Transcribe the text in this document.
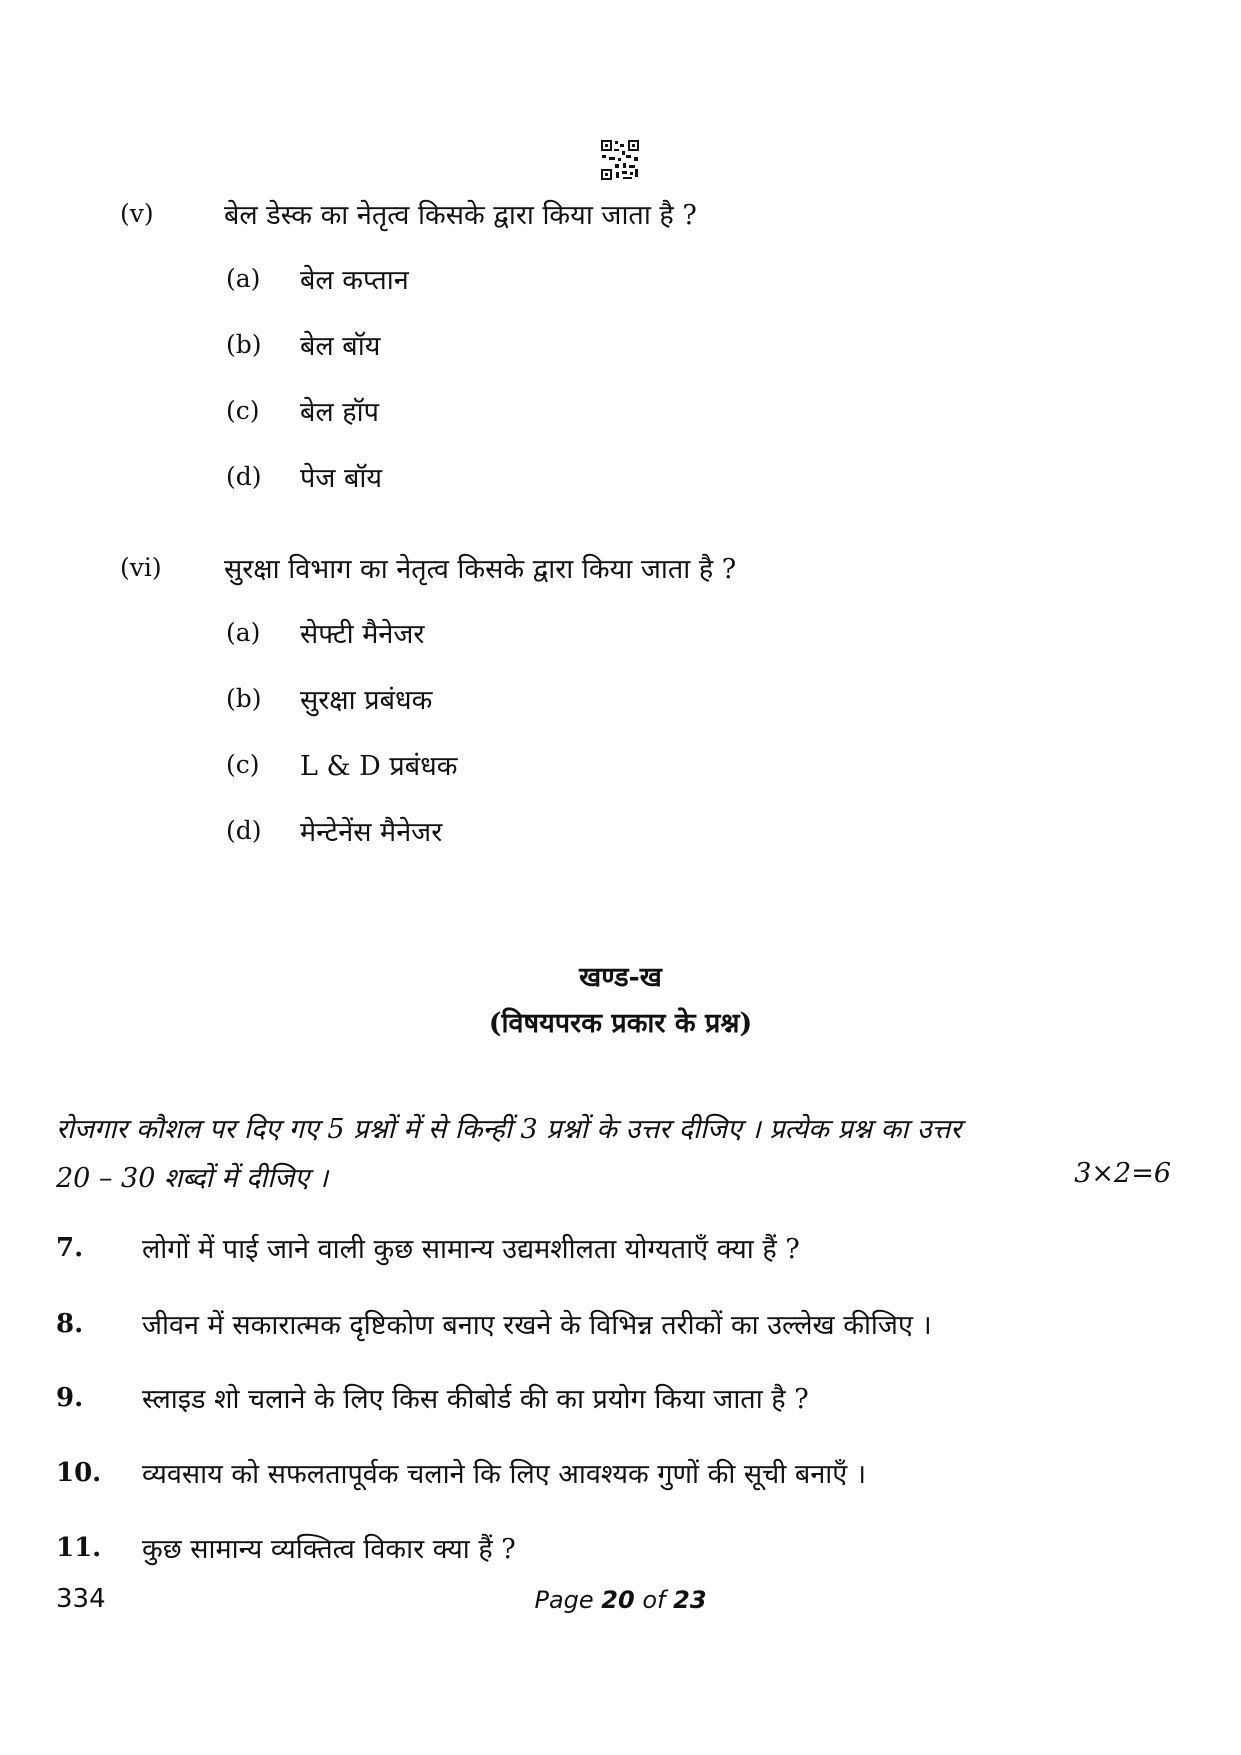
(v)	बेल डेस्क का नेतृत्व किसके द्वारा किया जाता है ?
(a) बेल कप्तान
(b) बेल बॉय
(c) बेल हॉप
(d) पेज बॉय
(vi) सुरक्षा विभाग का नेतृत्व किसके द्वारा किया जाता है ?
(a) सेफ्टी मैनेजर
(b) सुरक्षा प्रबंधक
(c) L & D प्रबंधक
(d) मेन्टेनेंस मैनेजर
खण्ड-ख
(विषयपरक प्रकार के प्रश्न)
रोजगार कौशल पर दिए गए 5 प्रश्नों में से किन्हीं 3 प्रश्नों के उत्तर दीजिए । प्रत्येक प्रश्न का उत्तर
20 – 30 शब्दों में दीजिए ।	3×2=6
7. लोगों में पाई जाने वाली कुछ सामान्य उद्यमशीलता योग्यताएँ क्या हैं ?
8. जीवन में सकारात्मक दृष्टिकोण बनाए रखने के विभिन्न तरीकों का उल्लेख कीजिए ।
9. स्लाइड शो चलाने के लिए किस कीबोर्ड की का प्रयोग किया जाता है ?
10. व्यवसाय को सफलतापूर्वक चलाने कि लिए आवश्यक गुणों की सूची बनाएँ ।
11. कुछ सामान्य व्यक्तित्व विकार क्या हैं ?
334	Page 20 of 23
